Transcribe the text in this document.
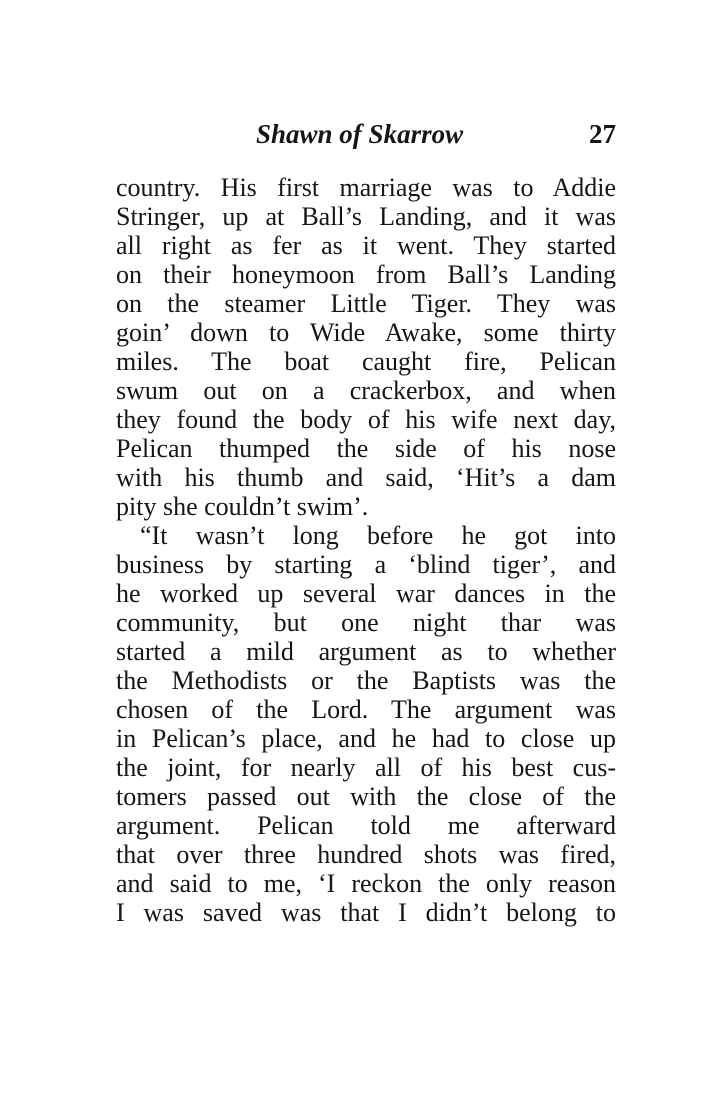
Shawn of Skarrow	27
country. His first marriage was to Addie
Stringer, up at Ball’s Landing, and it was
all right as fer as it went. They started
on their honeymoon from Ball’s Landing
on the steamer Little Tiger. They was
goin’ down to Wide Awake, some thirty
miles. The boat caught fire, Pelican
swum out on a crackerbox, and when
they found the body of his wife next day,
Pelican thumped the side of his nose
with his thumb and said, ‘Hit’s a dam
pity she couldn’t swim’.
“It wasn’t long before he got into
business by starting a ‘blind tiger’, and
he worked up several war dances in the
community, but one night thar was
started a mild argument as to whether
the Methodists or the Baptists was the
chosen of the Lord. The argument was
in Pelican’s place, and he had to close up
the joint, for nearly all of his best cus-
tomers passed out with the close of the
argument. Pelican told me afterward
that over three hundred shots was fired,
and said to me, ‘I reckon the only reason
I was saved was that I didn’t belong to
